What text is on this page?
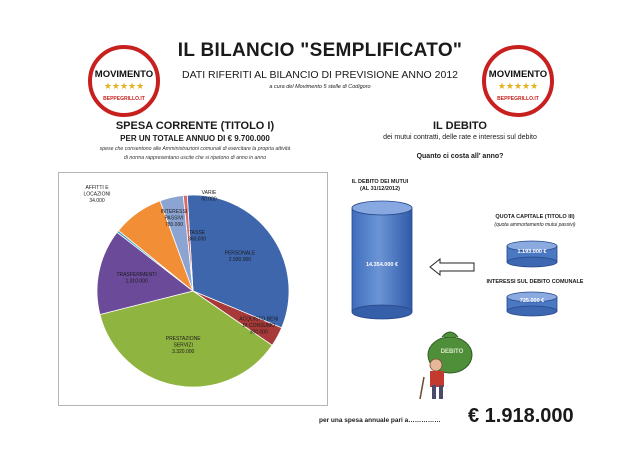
MOVIMENTO
★★★★★
BEPPEGRILLO.IT
MOVIMENTO
★★★★★
BEPPEGRILLO.IT
IL BILANCIO "SEMPLIFICATO"
DATI RIFERITI AL BILANCIO DI PREVISIONE ANNO 2012
a cura del Movimento 5 stelle di Codigoro
SPESA CORRENTE (TITOLO I)
PER UN TOTALE ANNUO DI € 9.700.000
spese che consentono alle Amministrazioni comunali di esercitare la propria attività
di norma rappresentano uscite che si ripetono di anno in anno
PERSONALE
2.930.000
ACQUISTO BENI
DI CONSUMO
300.000
PRESTAZIONE
SERVIZI
3.320.000
TRASFERIMENTI
1.310.000
AFFITTI E
LOCAZIONI
34.000
INTERESSI
PASSIVI
780.000
TASSE
360.000
VARIE
60.000
IL DEBITO
dei mutui contratti, delle rate e interessi sul debito
Quanto ci costa all' anno?
IL DEBITO DEI MUTUI
(AL 31/12/2012)
14.354.000 €
QUOTA CAPITALE (TITOLO III)
(quota ammortamento mutui passivi)
1.193.000 €
INTERESSI SUL DEBITO COMUNALE
725.000 €
DEBITO
per una spesa annuale pari a……………	€ 1.918.000
